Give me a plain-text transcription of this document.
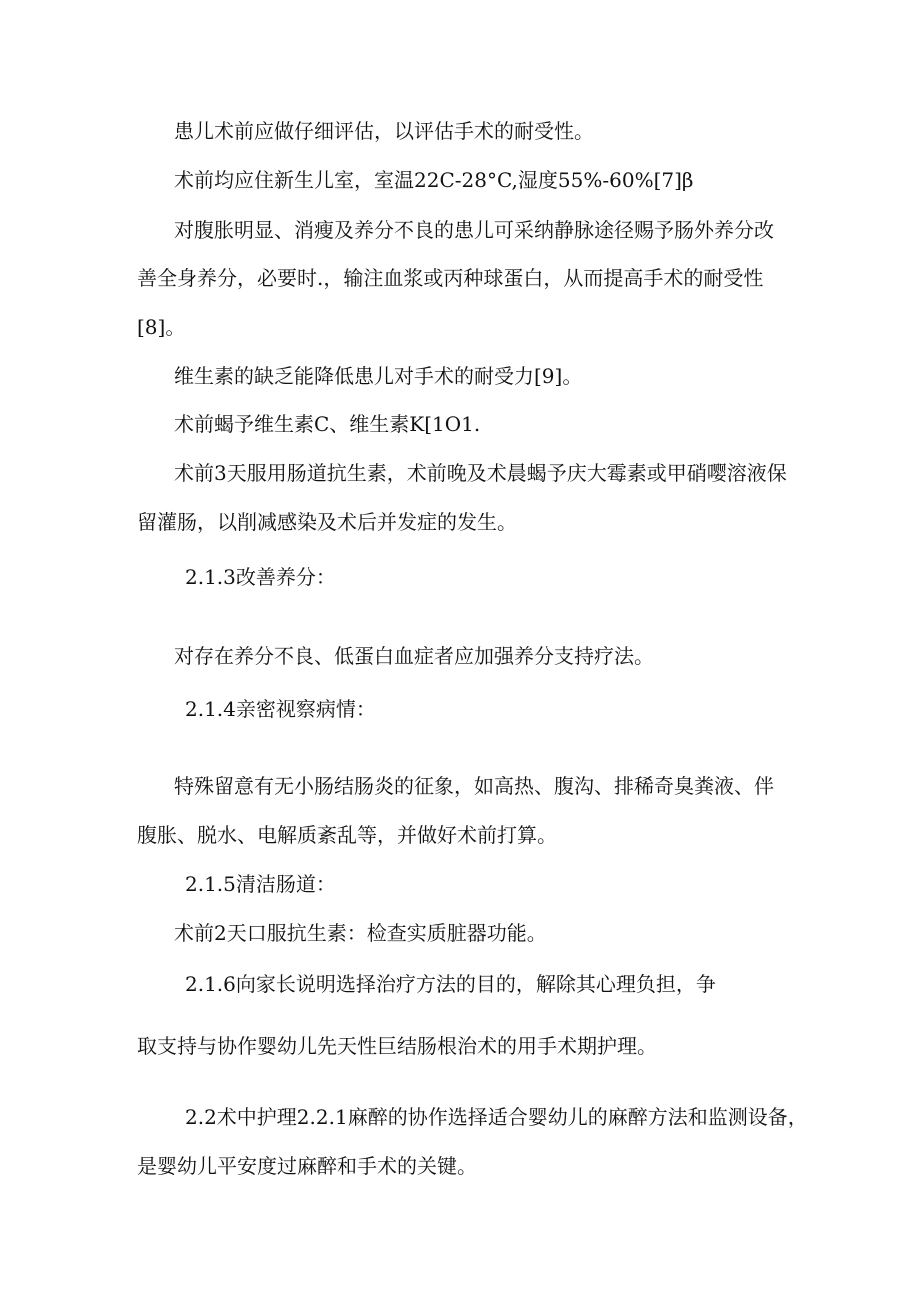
患儿术前应做仔细评估，以评估手术的耐受性。
术前均应住新生儿室，室温22C-28°C,湿度55%-60%[7]β
对腹胀明显、消瘦及养分不良的患儿可采纳静脉途径赐予肠外养分改
善全身养分，必要时.，输注血浆或丙种球蛋白，从而提高手术的耐受性
[8]。
维生素的缺乏能降低患儿对手术的耐受力[9]。
术前蝎予维生素C、维生素K[1O1.
术前3天服用肠道抗生素，术前晚及术晨蝎予庆大霉素或甲硝嘤溶液保
留灌肠，以削减感染及术后并发症的发生。
2.1.3改善养分：
对存在养分不良、低蛋白血症者应加强养分支持疗法。
2.1.4亲密视察病情：
特殊留意有无小肠结肠炎的征象，如高热、腹沟、排稀奇臭粪液、伴
腹胀、脱水、电解质紊乱等，并做好术前打算。
2.1.5清洁肠道：
术前2天口服抗生素：检查实质脏器功能。
2.1.6向家长说明选择治疗方法的目的，解除其心理负担，争
取支持与协作婴幼儿先天性巨结肠根治术的用手术期护理。
2.2术中护理2.2.1麻醉的协作选择适合婴幼儿的麻醉方法和监测设备，
是婴幼儿平安度过麻醉和手术的关键。
